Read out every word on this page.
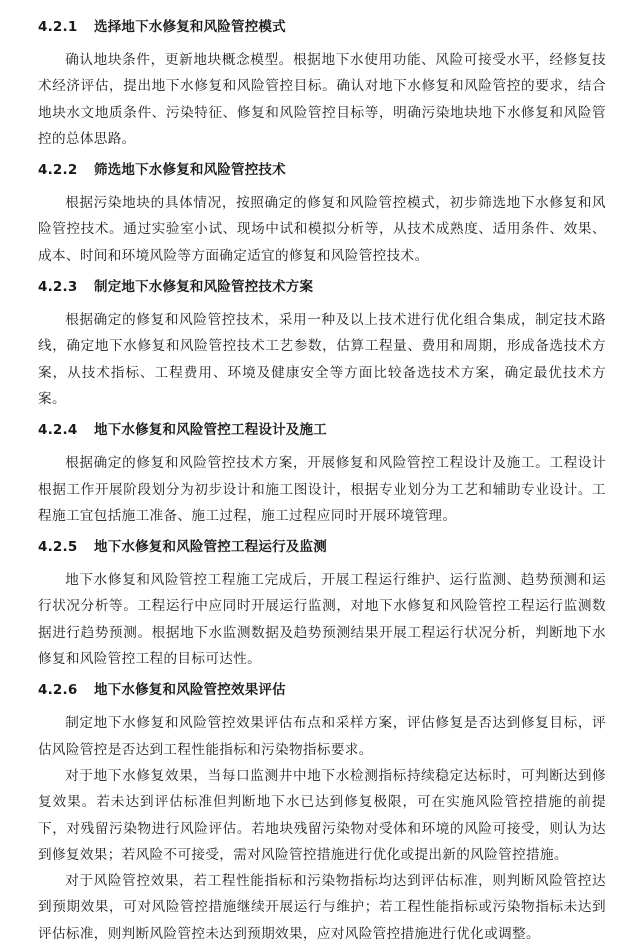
4.2.1	选择地下水修复和风险管控模式

确认地块条件，更新地块概念模型。根据地下水使用功能、风险可接受水平，经修复技术经济评估，提出地下水修复和风险管控目标。确认对地下水修复和风险管控的要求，结合地块水文地质条件、污染特征、修复和风险管控目标等，明确污染地块地下水修复和风险管控的总体思路。

4.2.2	筛选地下水修复和风险管控技术

根据污染地块的具体情况，按照确定的修复和风险管控模式，初步筛选地下水修复和风险管控技术。通过实验室小试、现场中试和模拟分析等，从技术成熟度、适用条件、效果、成本、时间和环境风险等方面确定适宜的修复和风险管控技术。

4.2.3	制定地下水修复和风险管控技术方案

根据确定的修复和风险管控技术，采用一种及以上技术进行优化组合集成，制定技术路线，确定地下水修复和风险管控技术工艺参数，估算工程量、费用和周期，形成备选技术方案，从技术指标、工程费用、环境及健康安全等方面比较备选技术方案，确定最优技术方案。

4.2.4	地下水修复和风险管控工程设计及施工

根据确定的修复和风险管控技术方案，开展修复和风险管控工程设计及施工。工程设计根据工作开展阶段划分为初步设计和施工图设计，根据专业划分为工艺和辅助专业设计。工程施工宜包括施工准备、施工过程，施工过程应同时开展环境管理。

4.2.5	地下水修复和风险管控工程运行及监测

地下水修复和风险管控工程施工完成后，开展工程运行维护、运行监测、趋势预测和运行状况分析等。工程运行中应同时开展运行监测，对地下水修复和风险管控工程运行监测数据进行趋势预测。根据地下水监测数据及趋势预测结果开展工程运行状况分析，判断地下水修复和风险管控工程的目标可达性。

4.2.6	地下水修复和风险管控效果评估

制定地下水修复和风险管控效果评估布点和采样方案，评估修复是否达到修复目标，评估风险管控是否达到工程性能指标和污染物指标要求。

对于地下水修复效果，当每口监测井中地下水检测指标持续稳定达标时，可判断达到修复效果。若未达到评估标准但判断地下水已达到修复极限，可在实施风险管控措施的前提下，对残留污染物进行风险评估。若地块残留污染物对受体和环境的风险可接受，则认为达到修复效果；若风险不可接受，需对风险管控措施进行优化或提出新的风险管控措施。

对于风险管控效果，若工程性能指标和污染物指标均达到评估标准，则判断风险管控达到预期效果，可对风险管控措施继续开展运行与维护；若工程性能指标或污染物指标未达到评估标准，则判断风险管控未达到预期效果，应对风险管控措施进行优化或调整。
